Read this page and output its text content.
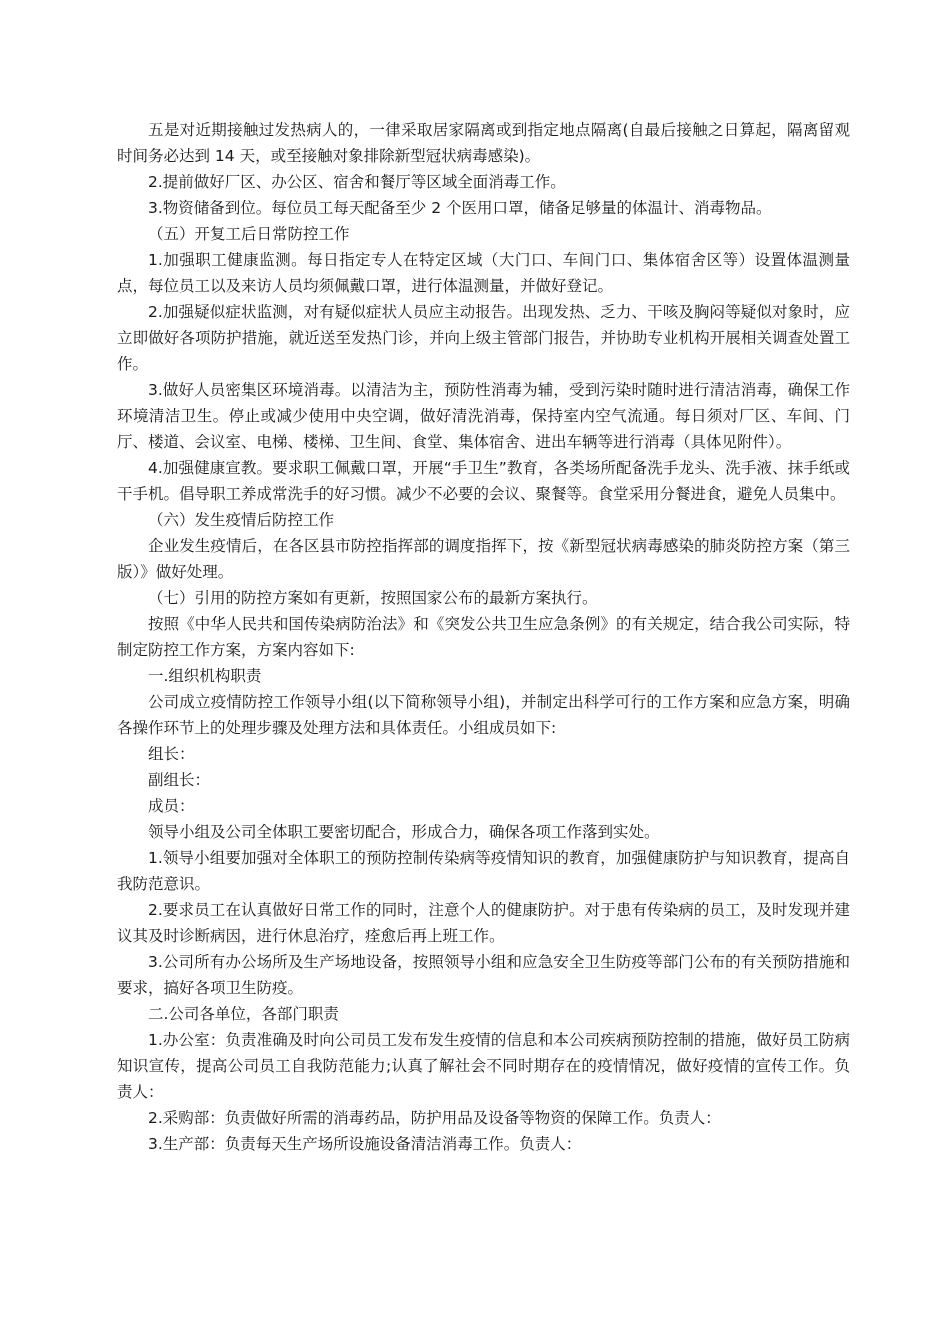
五是对近期接触过发热病人的，一律采取居家隔离或到指定地点隔离(自最后接触之日算起，隔离留观时间务必达到 14 天，或至接触对象排除新型冠状病毒感染)。

2.提前做好厂区、办公区、宿舍和餐厅等区域全面消毒工作。

3.物资储备到位。每位员工每天配备至少 2 个医用口罩，储备足够量的体温计、消毒物品。

（五）开复工后日常防控工作

1.加强职工健康监测。每日指定专人在特定区域（大门口、车间门口、集体宿舍区等）设置体温测量点，每位员工以及来访人员均须佩戴口罩，进行体温测量，并做好登记。

2.加强疑似症状监测，对有疑似症状人员应主动报告。出现发热、乏力、干咳及胸闷等疑似对象时，应立即做好各项防护措施，就近送至发热门诊，并向上级主管部门报告，并协助专业机构开展相关调查处置工作。

3.做好人员密集区环境消毒。以清洁为主，预防性消毒为辅，受到污染时随时进行清洁消毒，确保工作环境清洁卫生。停止或减少使用中央空调，做好清洗消毒，保持室内空气流通。每日须对厂区、车间、门厅、楼道、会议室、电梯、楼梯、卫生间、食堂、集体宿舍、进出车辆等进行消毒（具体见附件）。

4.加强健康宣教。要求职工佩戴口罩，开展“手卫生”教育，各类场所配备洗手龙头、洗手液、抹手纸或干手机。倡导职工养成常洗手的好习惯。减少不必要的会议、聚餐等。食堂采用分餐进食，避免人员集中。

（六）发生疫情后防控工作

企业发生疫情后，在各区县市防控指挥部的调度指挥下，按《新型冠状病毒感染的肺炎防控方案（第三版）》做好处理。

（七）引用的防控方案如有更新，按照国家公布的最新方案执行。

按照《中华人民共和国传染病防治法》和《突发公共卫生应急条例》的有关规定，结合我公司实际，特制定防控工作方案，方案内容如下:

一.组织机构职责

公司成立疫情防控工作领导小组(以下简称领导小组)，并制定出科学可行的工作方案和应急方案，明确各操作环节上的处理步骤及处理方法和具体责任。小组成员如下:

组长：

副组长：

成员：

领导小组及公司全体职工要密切配合，形成合力，确保各项工作落到实处。

1.领导小组要加强对全体职工的预防控制传染病等疫情知识的教育，加强健康防护与知识教育，提高自我防范意识。

2.要求员工在认真做好日常工作的同时，注意个人的健康防护。对于患有传染病的员工，及时发现并建议其及时诊断病因，进行休息治疗，痊愈后再上班工作。

3.公司所有办公场所及生产场地设备，按照领导小组和应急安全卫生防疫等部门公布的有关预防措施和要求，搞好各项卫生防疫。

二.公司各单位，各部门职责

1.办公室：负责准确及时向公司员工发布发生疫情的信息和本公司疾病预防控制的措施，做好员工防病知识宣传，提高公司员工自我防范能力;认真了解社会不同时期存在的疫情情况，做好疫情的宣传工作。负责人：

2.采购部：负责做好所需的消毒药品，防护用品及设备等物资的保障工作。负责人：

3.生产部：负责每天生产场所设施设备清洁消毒工作。负责人：
